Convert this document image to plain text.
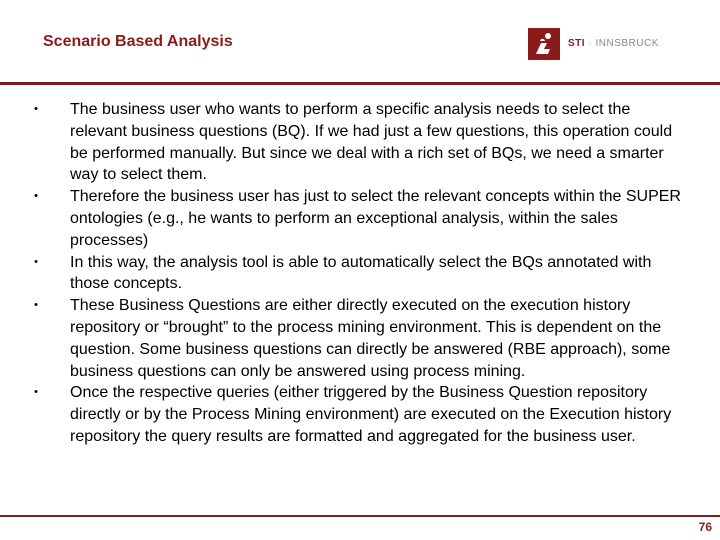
Scenario Based Analysis	STI · INNSBRUCK
• The business user who wants to perform a specific analysis needs to select the relevant business questions (BQ). If we had just a few questions, this operation could be performed manually. But since we deal with a rich set of BQs, we need a smarter way to select them.
• Therefore the business user has just to select the relevant concepts within the SUPER ontologies (e.g., he wants to perform an exceptional analysis, within the sales processes)
• In this way, the analysis tool is able to automatically select the BQs annotated with those concepts.
• These Business Questions are either directly executed on the execution history repository or “brought” to the process mining environment. This is dependent on the question. Some business questions can directly be answered (RBE approach), some business questions can only be answered using process mining.
• Once the respective queries (either triggered by the Business Question repository directly or by the Process Mining environment) are executed on the Execution history repository the query results are formatted and aggregated for the business user.
76
